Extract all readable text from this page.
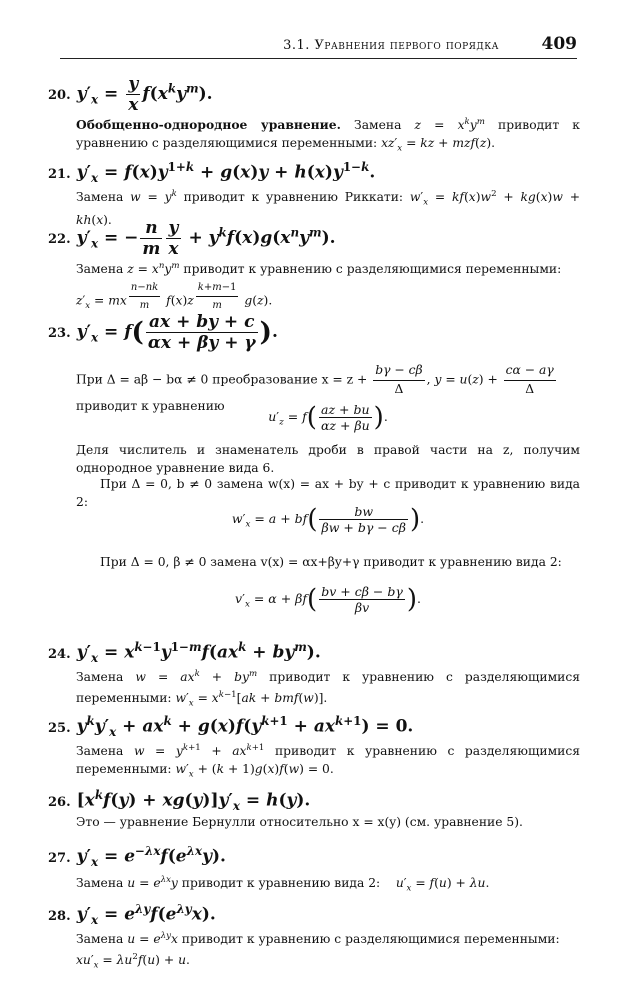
3.1. Уравнения первого порядка	409
20. $y'_x = \frac{y}{x} f(x^ky^m)$.
Обобщенно-однородное уравнение. Замена $z = x^ky^m$ приводит к уравнению с разделяющимися переменными: $xz'_x$ = kz + mzf(z).
21. $y'_x = f(x)y^{1+k} + g(x)y + h(x)y^{1-k}$.
Замена $w = y^k$ приводит к уравнению Риккати: $w'_x = kf(x)w^2 + kg(x)w + kh(x)$.
22. $y'_x$ = − $\frac{n}{m} \frac{y}{x} + y^kf(x)g(x^ny^m)$.
Замена $z = x^ny^m$ приводит к уравнению с разделяющимися переменными:
$z'_x$ = mx $^{\frac{n-nk}{m}}$ f(x)z $^{\frac{k+m-1}{m}}$ g(z).
23. $y'_x = f( \frac{ax + by + c}{\alpha x + \beta y + \gamma}$ ).
При Δ = aβ − bα ≠ 0 преобразование $x = z + \frac{b\gamma - c\beta}{\Delta}$ , $y = u(z) + \frac{c\alpha - a\gamma}{\Delta}$

приводит к уравнению
$u'_z = f( \frac{az + bu}{\alpha z + \beta u}$ ).
Деля числитель и знаменатель дроби в правой части на z, получим однородное уравнение вида 6.
При Δ = 0, b ≠ 0 замена w(x) = ax + by + c приводит к уравнению вида 2:
$w'_x = a + bf( \frac{bw}{\beta w + b\gamma - c\beta}$ ).
При Δ = 0, β ≠ 0 замена v(x) = αx+βy+γ приводит к уравнению вида 2:
$v'_x = \alpha + \beta f( \frac{bv + c\beta - b\gamma}{\beta v}$ ).
24. $y'_x = x^{k-1}y^{1-m}f(ax^k + by^m)$.
Замена $w = ax^k + by^m$ приводит к уравнению с разделяющимися переменными: $w'_x = x^{k-1}[ak + bmf(w)]$.
25. $y^ky'_x + ax^k + g(x)f(y^{k+1} + ax^{k+1}) = 0$.
Замена $w = y^{k+1} + ax^{k+1}$ приводит к уравнению с разделяющимися переменными: $w'_x + (k + 1)g(x)f(w) = 0$.
26. $[x^kf(y) + xg(y)]y'_x = h(y)$.
Это — уравнение Бернулли относительно x = x(y) (см. уравнение 5).
27. $y'_x = e^{-\lambda x}f(e^{\lambda x}y)$.
Замена $u = e^{\lambda x}y$ приводит к уравнению вида 2:    $u'_x = f(u) + \lambda u$.
28. $y'_x = e^{\lambda y}f(e^{\lambda y}x)$.
Замена $u = e^{\lambda y}x$ приводит к уравнению с разделяющимися переменными:
$xu'_x = \lambda u^2f(u) + u$.
